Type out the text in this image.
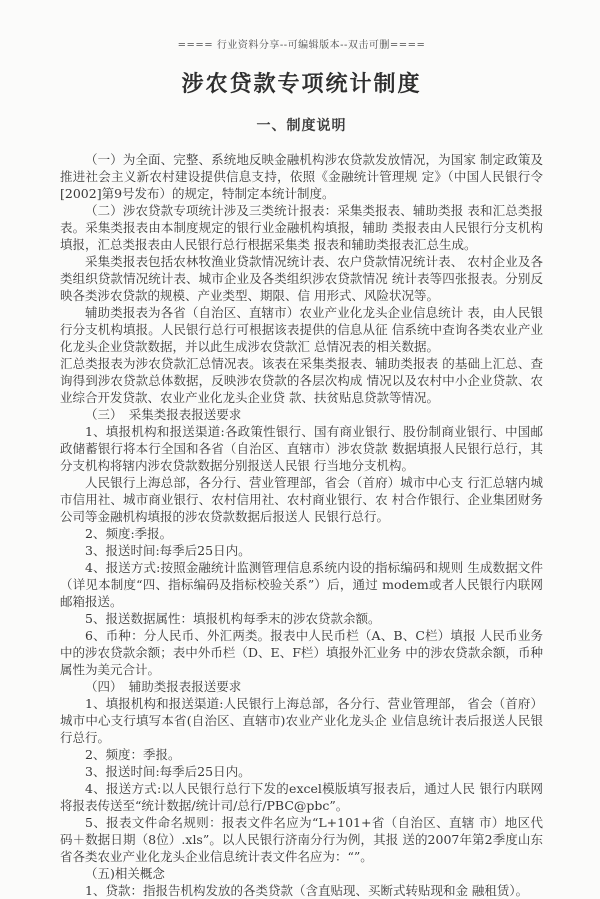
==== 行业资料分享--可编辑版本--双击可删====
涉农贷款专项统计制度
一、制度说明

（一）为全面、完整、系统地反映金融机构涉农贷款发放情况，为国家 制定政策及推进社会主义新农村建设提供信息支持，依照《金融统计管理规 定》（中国人民银行令[2002]第9号发布）的规定，特制定本统计制度。

（二）涉农贷款专项统计涉及三类统计报表：采集类报表、辅助类报 表和汇总类报表。采集类报表由本制度规定的银行业金融机构填报，辅助 类报表由人民银行分支机构填报，汇总类报表由人民银行总行根据采集类 报表和辅助类报表汇总生成。

采集类报表包括农林牧渔业贷款情况统计表、农户贷款情况统计表、 农村企业及各类组织贷款情况统计表、城市企业及各类组织涉农贷款情况 统计表等四张报表。分别反映各类涉农贷款的规模、产业类型、期限、信 用形式、风险状况等。

辅助类报表为各省（自治区、直辖市）农业产业化龙头企业信息统计 表，由人民银行分支机构填报。人民银行总行可根据该表提供的信息从征 信系统中查询各类农业产业化龙头企业贷款数据，并以此生成涉农贷款汇 总情况表的相关数据。

汇总类报表为涉农贷款汇总情况表。该表在采集类报表、辅助类报表 的基础上汇总、查询得到涉农贷款总体数据，反映涉农贷款的各层次构成 情况以及农村中小企业贷款、农业综合开发贷款、农业产业化龙头企业贷 款、扶贫贴息贷款等情况。

（三）　采集类报表报送要求

1、填报机构和报送渠道:各政策性银行、国有商业银行、股份制商业银行、中国邮政储蓄银行将本行全国和各省（自治区、直辖市）涉农贷款 数据填报人民银行总行，其分支机构将辖内涉农贷款数据分别报送人民银 行当地分支机构。

人民银行上海总部，各分行、营业管理部，省会（首府）城市中心支 行汇总辖内城市信用社、城市商业银行、农村信用社、农村商业银行、农 村合作银行、企业集团财务公司等金融机构填报的涉农贷款数据后报送人 民银行总行。

2、频度:季报。

3、报送时间:每季后25日内。

4、报送方式:按照金融统计监测管理信息系统内设的指标编码和规则 生成数据文件（详见本制度“四、指标编码及指标校验关系”）后，通过 modem或者人民银行内联网邮箱报送。

5、报送数据属性：填报机构每季末的涉农贷款余额。

6、币种：分人民币、外汇两类。报表中人民币栏（A、B、C栏）填报 人民币业务中的涉农贷款余额；表中外币栏（D、E、F栏）填报外汇业务 中的涉农贷款余额，币种属性为美元合计。

（四）　辅助类报表报送要求

1、填报机构和报送渠道:人民银行上海总部，各分行、营业管理部， 省会（首府）城市中心支行填写本省(自治区、直辖市)农业产业化龙头企 业信息统计表后报送人民银行总行。

2、频度：季报。

3、报送时间:每季后25日内。

4、报送方式:以人民银行总行下发的excel模版填写报表后，通过人民 银行内联网将报表传送至“统计数据/统计司/总行/PBC@pbc”。

5、报表文件命名规则：报表文件名应为“L+101+省（自治区、直辖 市）地区代码＋数据日期（8位）.xls”。以人民银行济南分行为例，其报 送的2007年第2季度山东省各类农业产业化龙头企业信息统计表文件名应为：“”。

（五)相关概念

1、贷款：指报告机构发放的各类贷款（含直贴现、买断式转贴现和金 融租赁）。
